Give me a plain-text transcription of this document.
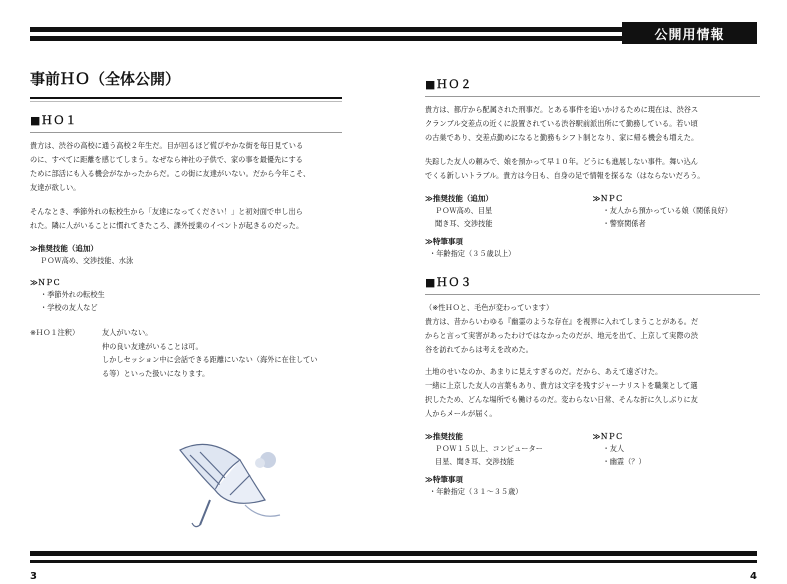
公開用情報
事前ＨＯ（全体公開）
■ＨＯ１

貴方は、渋谷の高校に通う高校２年生だ。目が回るほど慌ぴやかな街を毎日見ている
のに、すべてに距離を感じてしまう。なぜなら神社の子供で、家の事を最優先にする
ために部活にも入る機会がなかったからだ。この街に友達がいない。だから今年こそ、
友達が欲しい。

そんなとき、季節外れの転校生から「友達になってください！」と初対面で申し出ら
れた。隣に人がいることに慣れてきたころ、課外授業のイベントが起きるのだった。

≫推奨技能（追加）
ＰＯＷ高め、交渉技能、水泳
≫ＮＰＣ
・季節外れの転校生
・学校の友人など
※ＨＯ１注釈）	友人がいない。
仲の良い友達がいることは可。
しかしセッション中に会話できる距離にいない（海外に在住してい
る等）といった扱いになります。
■ＨＯ２

貴方は、都庁から配属された刑事だ。とある事件を追いかけるために現在は、渋谷ス
クランブル交差点の近くに設置されている渋谷駅前派出所にて勤務している。若い頃
の古巣であり、交差点勤めになると勤務もシフト制となり、家に帰る機会も増えた。

失踪した友人の頼みで、娘を預かって早１０年。どうにも進展しない事件。舞い込ん
でくる新しいトラブル。貴方は今日も、自身の足で情報を探るな（はならないだろう。

≫推奨技能（追加）
ＰＯＷ高め、目星
聞き耳、交渉技能
≫ＮＰＣ
・友人から預かっている娘（関係良好）
・警察関係者
≫特筆事項
・年齢指定（３５歳以上）
■ＨＯ３

（※性ＨＯと、毛色が変わっています）
貴方は、昔からいわゆる『幽霊のような存在』を視界に入れてしまうことがある。だ
からと言って実害があったわけではなかったのだが、地元を出て、上京して実際の渋
谷を訪れてからは考えを改めた。

土地のせいなのか、あまりに見えすぎるのだ。だから、あえて遠ざけた。
一緒に上京した友人の言葉もあり、貴方は文字を残すジャーナリストを職業として選
択したため、どんな場所でも働けるのだ。変わらない日常、そんな折に久しぶりに友
人からメールが届く。

≫推奨技能
ＰＯＷ１５以上、コンピューター
目星、聞き耳、交渉技能
≫ＮＰＣ
・友人
・幽霊（？）
≫特筆事項
・年齢指定（３１～３５歳）
3	4
